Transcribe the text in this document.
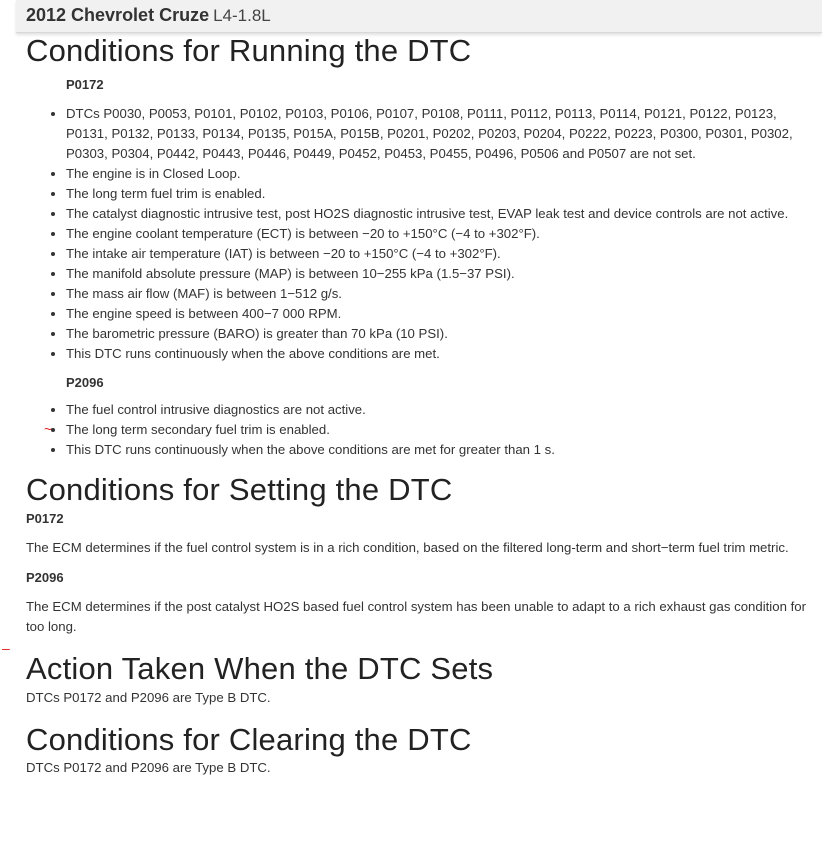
2012 Chevrolet Cruze L4-1.8L
~
‒
Conditions for Running the DTC
P0172
• DTCs P0030, P0053, P0101, P0102, P0103, P0106, P0107, P0108, P0111, P0112, P0113, P0114, P0121, P0122, P0123, P0131, P0132, P0133, P0134, P0135, P015A, P015B, P0201, P0202, P0203, P0204, P0222, P0223, P0300, P0301, P0302, P0303, P0304, P0442, P0443, P0446, P0449, P0452, P0453, P0455, P0496, P0506 and P0507 are not set.
• The engine is in Closed Loop.
• The long term fuel trim is enabled.
• The catalyst diagnostic intrusive test, post HO2S diagnostic intrusive test, EVAP leak test and device controls are not active.
• The engine coolant temperature (ECT) is between −20 to +150°C (−4 to +302°F).
• The intake air temperature (IAT) is between −20 to +150°C (−4 to +302°F).
• The manifold absolute pressure (MAP) is between 10−255 kPa (1.5−37 PSI).
• The mass air flow (MAF) is between 1−512 g/s.
• The engine speed is between 400−7 000 RPM.
• The barometric pressure (BARO) is greater than 70 kPa (10 PSI).
• This DTC runs continuously when the above conditions are met.
P2096
• The fuel control intrusive diagnostics are not active.
• The long term secondary fuel trim is enabled.
• This DTC runs continuously when the above conditions are met for greater than 1 s.
Conditions for Setting the DTC
P0172

The ECM determines if the fuel control system is in a rich condition, based on the filtered long-term and short−term fuel trim metric.

P2096

The ECM determines if the post catalyst HO2S based fuel control system has been unable to adapt to a rich exhaust gas condition for too long.

Action Taken When the DTC Sets

DTCs P0172 and P2096 are Type B DTC.

Conditions for Clearing the DTC

DTCs P0172 and P2096 are Type B DTC.
